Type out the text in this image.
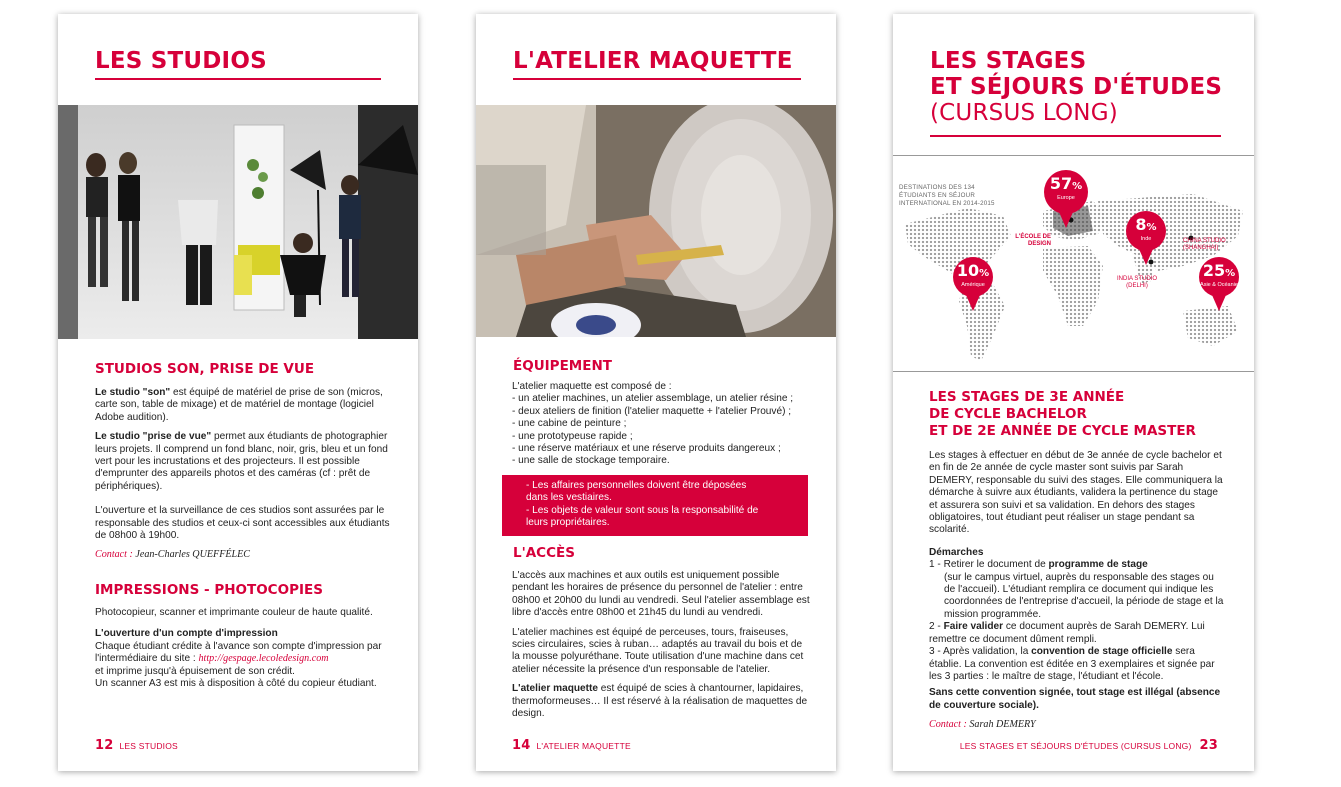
LES STUDIOS
STUDIOS SON, PRISE DE VUE

Le studio "son" est équipé de matériel de prise de son (micros, carte son, table de mixage) et de matériel de montage (logiciel Adobe audition).

Le studio "prise de vue" permet aux étudiants de photographier leurs projets. Il comprend un fond blanc, noir, gris, bleu et un fond vert pour les incrustations et des projecteurs. Il est possible d'emprunter des appareils photos et des caméras (cf : prêt de périphériques).

L'ouverture et la surveillance de ces studios sont assurées par le responsable des studios et ceux-ci sont accessibles aux étudiants de 08h00 à 19h00.

Contact : Jean-Charles QUEFFÉLEC

IMPRESSIONS - PHOTOCOPIES

Photocopieur, scanner et imprimante couleur de haute qualité.

L'ouverture d'un compte d'impression
Chaque étudiant crédite à l'avance son compte d'impression par l'intermédiaire du site : http://gespage.lecoledesign.com
et imprime jusqu'à épuisement de son crédit.
Un scanner A3 est mis à disposition à côté du copieur étudiant.

12 LES STUDIOS
L'ATELIER MAQUETTE
ÉQUIPEMENT
L'atelier maquette est composé de :
- un atelier machines, un atelier assemblage, un atelier résine ;
- deux ateliers de finition (l'atelier maquette + l'atelier Prouvé) ;
- une cabine de peinture ;
- une prototypeuse rapide ;
- une réserve matériaux et une réserve produits dangereux ;
- une salle de stockage temporaire.
- Les affaires personnelles doivent être déposées dans les vestiaires.
- Les objets de valeur sont sous la responsabilité de leurs propriétaires.
L'ACCÈS

L'accès aux machines et aux outils est uniquement possible pendant les horaires de présence du personnel de l'atelier : entre 08h00 et 20h00 du lundi au vendredi. Seul l'atelier assemblage est libre d'accès entre 08h00 et 21h45 du lundi au vendredi.

L'atelier machines est équipé de perceuses, tours, fraiseuses, scies circulaires, scies à ruban… adaptés au travail du bois et de la mousse polyuréthane. Toute utilisation d'une machine dans cet atelier nécessite la présence d'un responsable de l'atelier.

L'atelier maquette est équipé de scies à chantourner, lapidaires, thermoformeuses… Il est réservé à la réalisation de maquettes de design.

14 L'ATELIER MAQUETTE
LES STAGES
ET SÉJOURS D'ÉTUDES
(CURSUS LONG)
DESTINATIONS DES 134 ÉTUDIANTS EN SÉJOUR INTERNATIONAL EN 2014-2015
L'ÉCOLE DE DESIGN	CHINA STUDIO (SHANGHAI)
INDIA STUDIO (DELHI)
57%
Europe
8%
Inde
10%
Amérique
25%
Asie & Océanie
LES STAGES DE 3E ANNÉE
DE CYCLE BACHELOR
ET DE 2E ANNÉE DE CYCLE MASTER

Les stages à effectuer en début de 3e année de cycle bachelor et en fin de 2e année de cycle master sont suivis par Sarah DEMERY, responsable du suivi des stages. Elle communiquera la démarche à suivre aux étudiants, validera la pertinence du stage et assurera son suivi et sa validation. En dehors des stages obligatoires, tout étudiant peut réaliser un stage pendant sa scolarité.

Démarches
1 - Retirer le document de programme de stage
(sur le campus virtuel, auprès du responsable des stages ou de l'accueil). L'étudiant remplira ce document qui indique les coordonnées de l'entreprise d'accueil, la période de stage et la mission programmée.
2 - Faire valider ce document auprès de Sarah DEMERY. Lui remettre ce document dûment rempli.
3 - Après validation, la convention de stage officielle sera établie. La convention est éditée en 3 exemplaires et signée par les 3 parties : le maître de stage, l'étudiant et l'école.

Sans cette convention signée, tout stage est illégal (absence de couverture sociale).

Contact : Sarah DEMERY

LES STAGES ET SÉJOURS D'ÉTUDES (CURSUS LONG) 23
